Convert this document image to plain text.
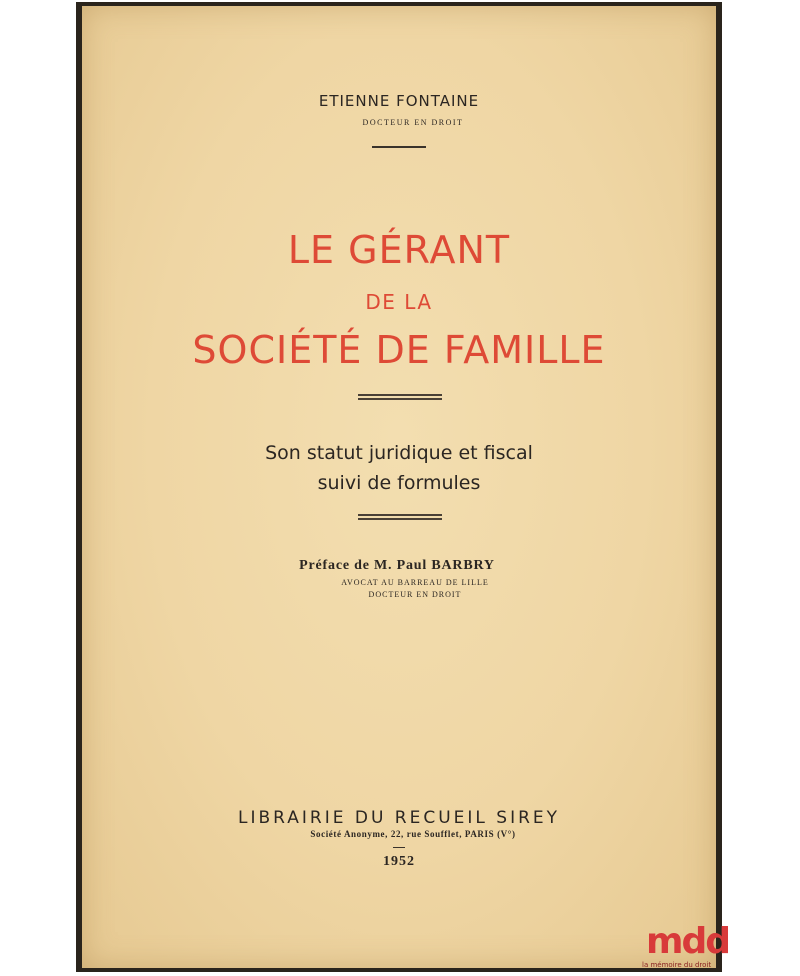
ETIENNE FONTAINE

DOCTEUR EN DROIT

LE GÉRANT

DE LA

SOCIÉTÉ DE FAMILLE

Son statut juridique et fiscal

suivi de formules

Préface de M. Paul BARBRY

AVOCAT AU BARREAU DE LILLE

DOCTEUR EN DROIT

LIBRAIRIE DU RECUEIL SIREY

Société Anonyme, 22, rue Soufflet, PARIS (V°)

1952

mdd
la mémoire du droit
